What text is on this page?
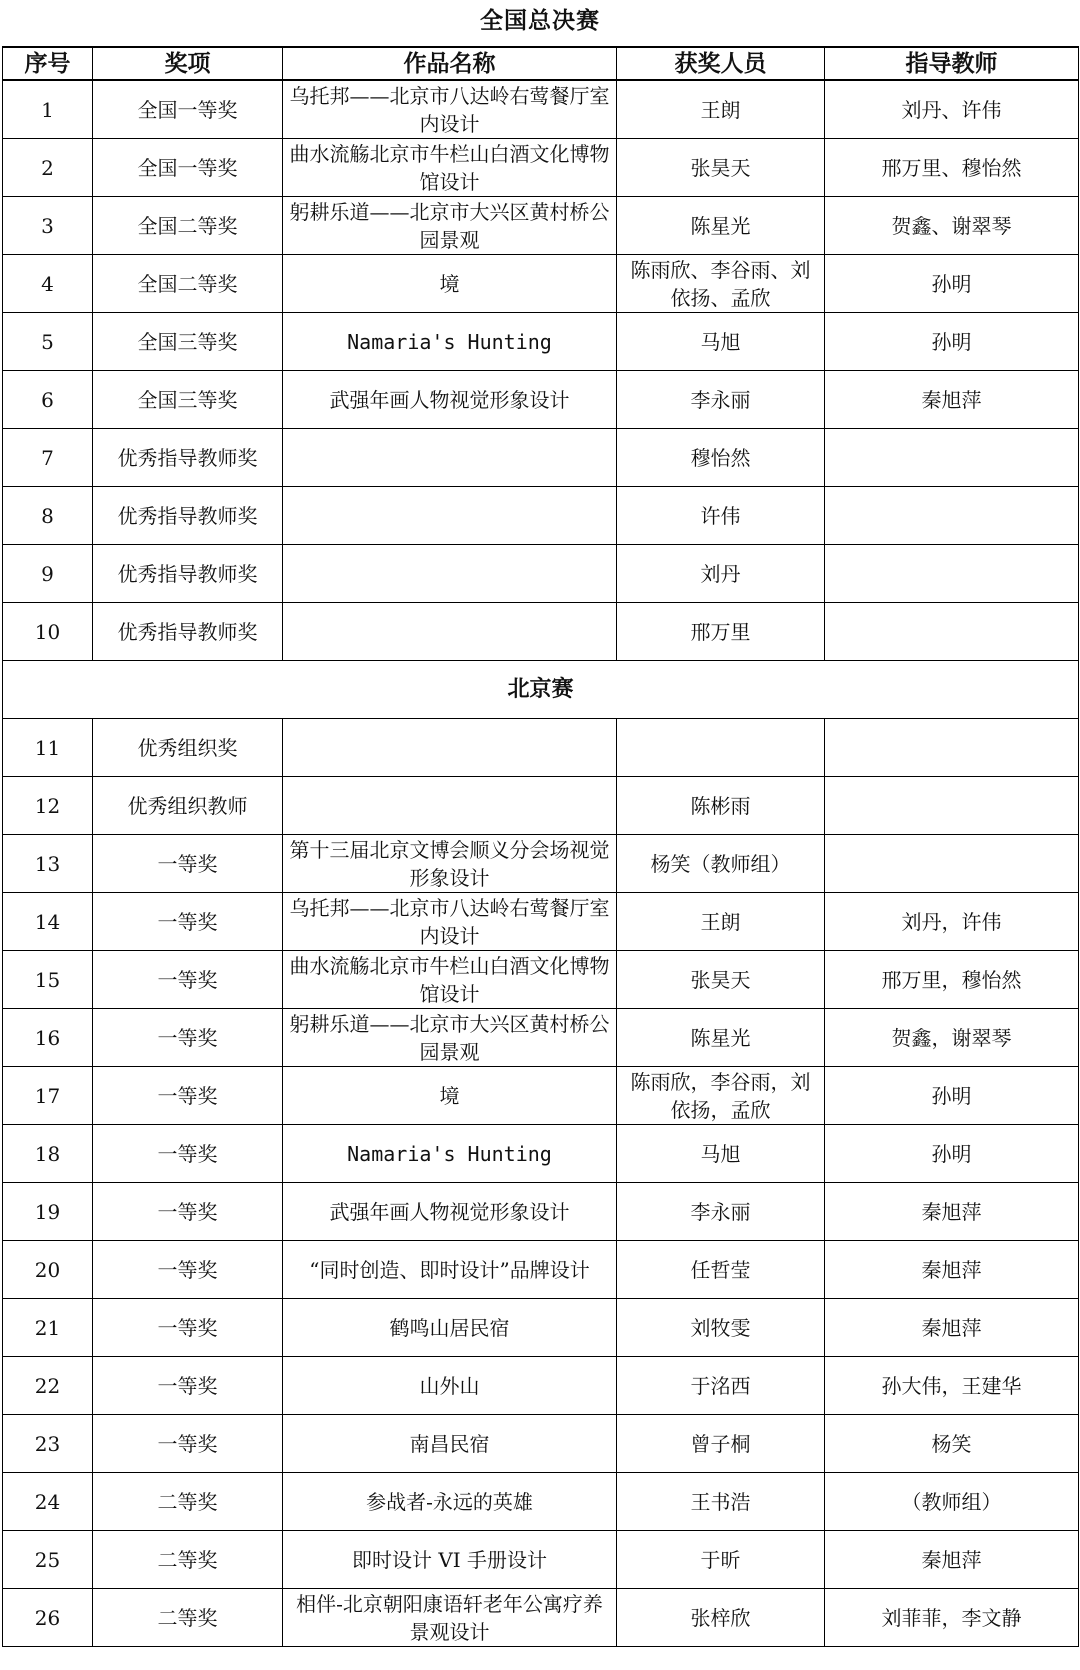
全国总决赛
序号	奖项	作品名称	获奖人员	指导教师
1	全国一等奖	乌托邦——北京市八达岭右莺餐厅室内设计	王朗	刘丹、许伟
2	全国一等奖	曲水流觞北京市牛栏山白酒文化博物馆设计	张昊天	邢万里、穆怡然
3	全国二等奖	躬耕乐道——北京市大兴区黄村桥公园景观	陈星光	贺鑫、谢翠琴
4	全国二等奖	境	陈雨欣、李谷雨、刘依扬、孟欣	孙明
5	全国三等奖	Namaria's Hunting	马旭	孙明
6	全国三等奖	武强年画人物视觉形象设计	李永丽	秦旭萍
7	优秀指导教师奖		穆怡然	
8	优秀指导教师奖		许伟	
9	优秀指导教师奖		刘丹	
10	优秀指导教师奖		邢万里	
北京赛				
11	优秀组织奖			
12	优秀组织教师		陈彬雨	
13	一等奖	第十三届北京文博会顺义分会场视觉形象设计	杨笑（教师组）	
14	一等奖	乌托邦——北京市八达岭右莺餐厅室内设计	王朗	刘丹，许伟
15	一等奖	曲水流觞北京市牛栏山白酒文化博物馆设计	张昊天	邢万里，穆怡然
16	一等奖	躬耕乐道——北京市大兴区黄村桥公园景观	陈星光	贺鑫，谢翠琴
17	一等奖	境	陈雨欣，李谷雨，刘依扬，孟欣	孙明
18	一等奖	Namaria's Hunting	马旭	孙明
19	一等奖	武强年画人物视觉形象设计	李永丽	秦旭萍
20	一等奖	“同时创造、即时设计”品牌设计	任哲莹	秦旭萍
21	一等奖	鹤鸣山居民宿	刘牧雯	秦旭萍
22	一等奖	山外山	于洺西	孙大伟，王建华
23	一等奖	南昌民宿	曾子桐	杨笑
24	二等奖	参战者-永远的英雄	王书浩	（教师组）
25	二等奖	即时设计 VI 手册设计	于昕	秦旭萍
26	二等奖	相伴-北京朝阳康语轩老年公寓疗养景观设计	张梓欣	刘菲菲，李文静
